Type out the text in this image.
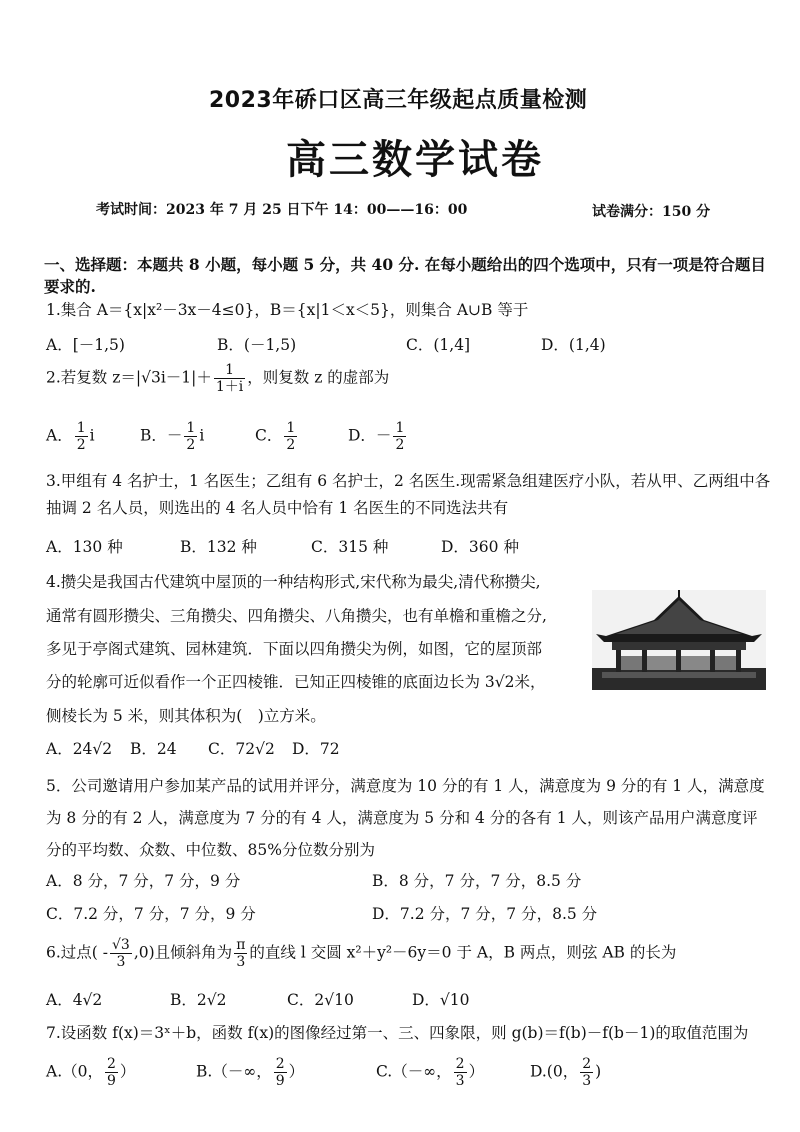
2023年硚口区高三年级起点质量检测
高三数学试卷
考试时间：2023 年 7 月 25 日下午 14：00——16：00	试卷满分：150 分
一、选择题：本题共 8 小题，每小题 5 分，共 40 分. 在每小题给出的四个选项中，只有一项是符合题目要求的.
1.集合 A＝{x|x²－3x－4≤0}，B＝{x|1＜x＜5}，则集合 A∪B 等于
A．[－1,5)	B．(－1,5)	C．(1,4]	D．(1,4)
2.若复数 $z=|√3i-1|+ \frac{1}{1+i}$ ，则复数 z 的虚部为
A． $\frac{1}{2}$ i	B．－ $\frac{1}{2}$ i	C． $\frac{1}{2}$	D．－ $\frac{1}{2}$
3.甲组有 4 名护士，1 名医生；乙组有 6 名护士，2 名医生.现需紧急组建医疗小队，若从甲、乙两组中各抽调 2 名人员，则选出的 4 名人员中恰有 1 名医生的不同选法共有
A．130 种	B．132 种	C．315 种	D．360 种
4.攒尖是我国古代建筑中屋顶的一种结构形式,宋代称为最尖,清代称攒尖,
通常有圆形攒尖、三角攒尖、四角攒尖、八角攒尖，也有单檐和重檐之分,
多见于亭阁式建筑、园林建筑．下面以四角攒尖为例，如图，它的屋顶部
分的轮廓可近似看作一个正四棱锥．已知正四棱锥的底面边长为 3√2米，
侧棱长为 5 米，则其体积为(　)立方米。
A．24√2 B．24 C．72√2 D．72
5．公司邀请用户参加某产品的试用并评分，满意度为 10 分的有 1 人，满意度为 9 分的有 1 人，满意度为 8 分的有 2 人，满意度为 7 分的有 4 人，满意度为 5 分和 4 分的各有 1 人，则该产品用户满意度评分的平均数、众数、中位数、85%分位数分别为
A．8 分，7 分，7 分，9 分	B．8 分，7 分，7 分，8.5 分
C．7.2 分，7 分，7 分，9 分	D．7.2 分，7 分，7 分，8.5 分
6.过点( - $\frac{√3}{3} ,0$)且倾斜角为 $\frac{\pi}{3}$ 的直线 l 交圆 x²＋y²－6y＝0 于 A，B 两点，则弦 AB 的长为
A．4√2	B．2√2	C．2√10	D．√10
7.设函数 f(x)＝3ˣ＋b，函数 f(x)的图像经过第一、三、四象限，则 g(b)＝f(b)－f(b－1)的取值范围为
A.（0， $\frac{2}{9}$ ）	B.（－∞， $\frac{2}{9}$ ）	C.（－∞， $\frac{2}{3}$ ）	D.(0， $\frac{2}{3}$ )
